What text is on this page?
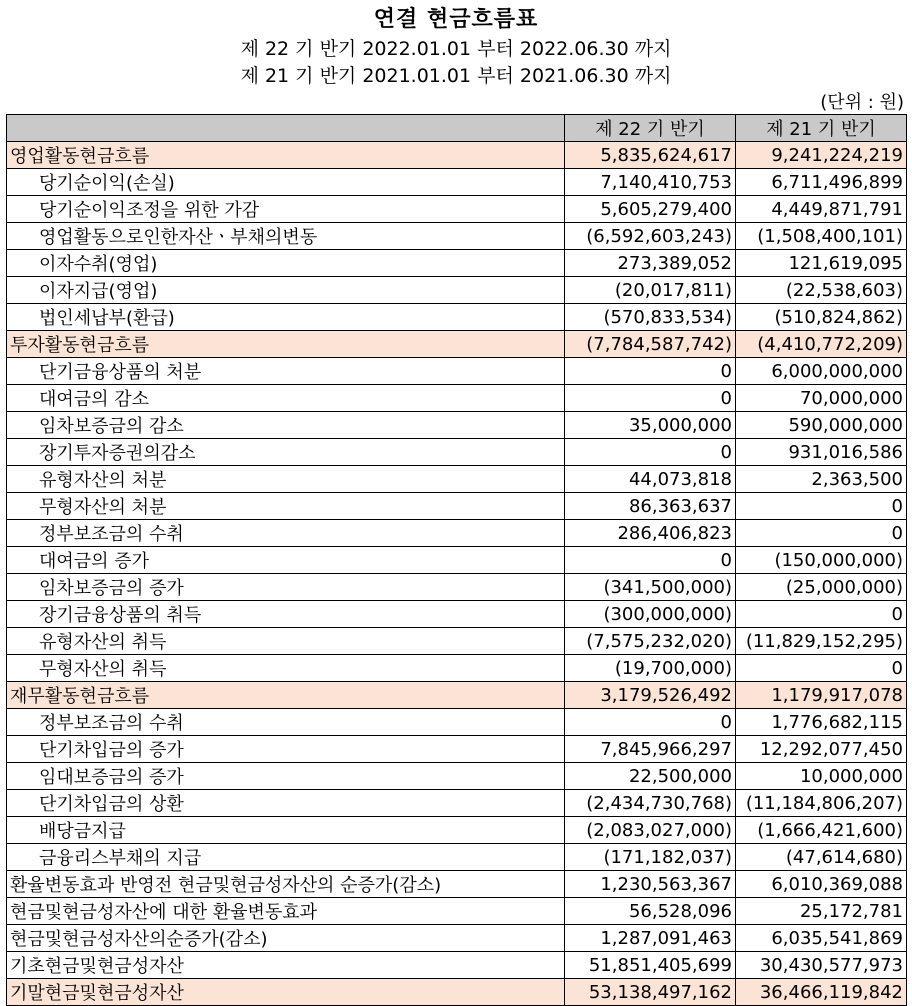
연결 현금흐름표
제 22 기 반기 2022.01.01 부터 2022.06.30 까지
제 21 기 반기 2021.01.01 부터 2021.06.30 까지
(단위 : 원)
	제 22 기 반기	제 21 기 반기
영업활동현금흐름	5,835,624,617	9,241,224,219
당기순이익(손실)	7,140,410,753	6,711,496,899
당기순이익조정을 위한 가감	5,605,279,400	4,449,871,791
영업활동으로인한자산ㆍ부채의변동	(6,592,603,243)	(1,508,400,101)
이자수취(영업)	273,389,052	121,619,095
이자지급(영업)	(20,017,811)	(22,538,603)
법인세납부(환급)	(570,833,534)	(510,824,862)
투자활동현금흐름	(7,784,587,742)	(4,410,772,209)
단기금융상품의 처분	0	6,000,000,000
대여금의 감소	0	70,000,000
임차보증금의 감소	35,000,000	590,000,000
장기투자증권의감소	0	931,016,586
유형자산의 처분	44,073,818	2,363,500
무형자산의 처분	86,363,637	0
정부보조금의 수취	286,406,823	0
대여금의 증가	0	(150,000,000)
임차보증금의 증가	(341,500,000)	(25,000,000)
장기금융상품의 취득	(300,000,000)	0
유형자산의 취득	(7,575,232,020)	(11,829,152,295)
무형자산의 취득	(19,700,000)	0
재무활동현금흐름	3,179,526,492	1,179,917,078
정부보조금의 수취	0	1,776,682,115
단기차입금의 증가	7,845,966,297	12,292,077,450
임대보증금의 증가	22,500,000	10,000,000
단기차입금의 상환	(2,434,730,768)	(11,184,806,207)
배당금지급	(2,083,027,000)	(1,666,421,600)
금융리스부채의 지급	(171,182,037)	(47,614,680)
환율변동효과 반영전 현금및현금성자산의 순증가(감소)	1,230,563,367	6,010,369,088
현금및현금성자산에 대한 환율변동효과	56,528,096	25,172,781
현금및현금성자산의순증가(감소)	1,287,091,463	6,035,541,869
기초현금및현금성자산	51,851,405,699	30,430,577,973
기말현금및현금성자산	53,138,497,162	36,466,119,842
